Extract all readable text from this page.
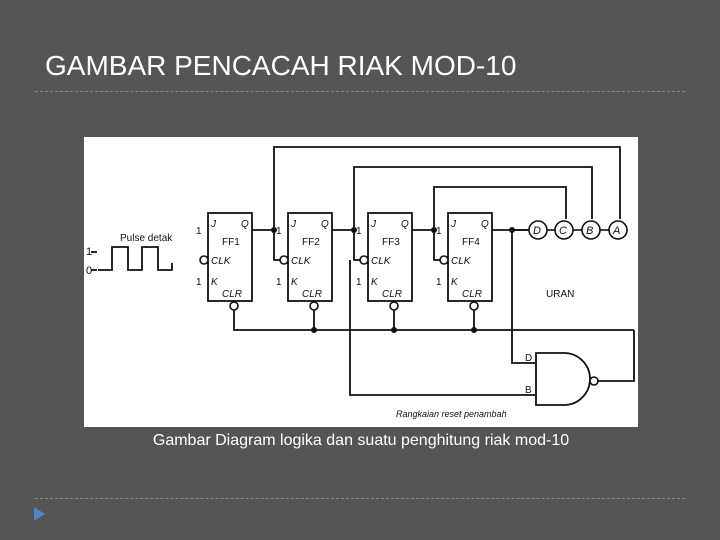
GAMBAR PENCACAH RIAK MOD-10
Pulse detak
1
0
1
J	Q
FF1
CLK
1 K
CLR
1
J	Q
FF2
CLK
1 K
CLR
1
J	Q
FF3
CLK
1 K
CLR
1
J	Q
FF4
CLK
1 K
CLR
D C B A
D
B
URAN
Rangkaian reset penambah
Gambar Diagram logika dan suatu penghitung riak mod-10
